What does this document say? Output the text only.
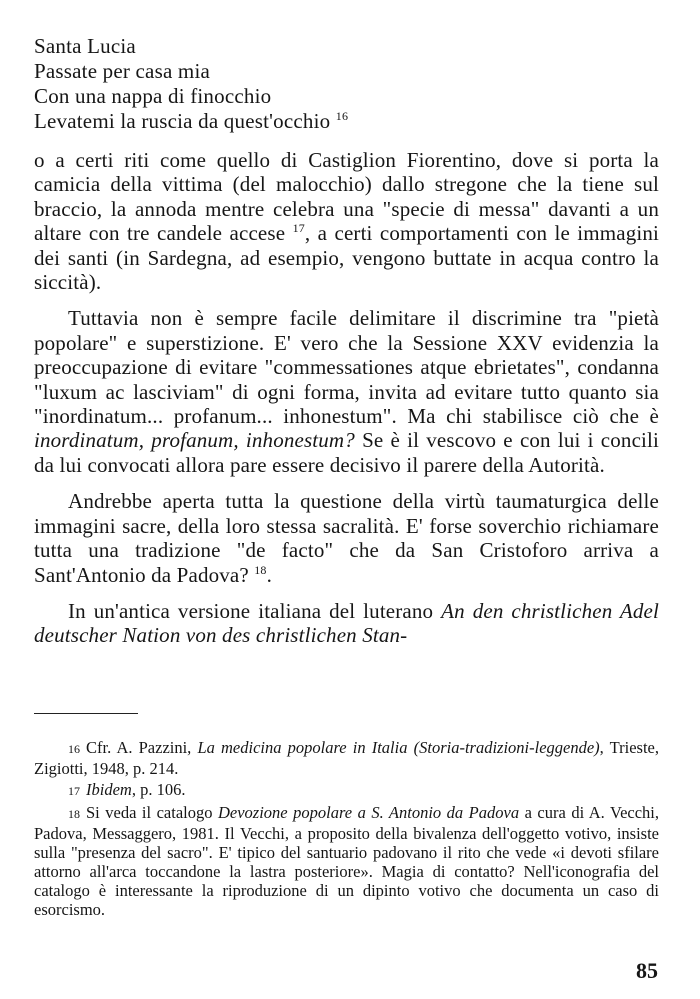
Santa Lucia
Passate per casa mia
Con una nappa di finocchio
Levatemi la ruscia da quest'occhio $^{16}$

o a certi riti come quello di Castiglion Fiorentino, dove si porta la camicia della vittima (del malocchio) dallo stregone che la tiene sul braccio, la annoda mentre celebra una "specie di messa" davanti a un altare con tre candele accese $^{17}$, a certi comportamenti con le immagini dei santi (in Sardegna, ad esempio, vengono buttate in acqua contro la siccità).

Tuttavia non è sempre facile delimitare il discrimine tra "pietà popolare" e superstizione. E' vero che la Sessione XXV evidenzia la preoccupazione di evitare "commessationes atque ebrietates", condanna "luxum ac lasciviam" di ogni forma, invita ad evitare tutto quanto sia "inordinatum... profanum... inhonestum". Ma chi stabilisce ciò che è inordinatum, profanum, inhonestum? Se è il vescovo e con lui i concili da lui convocati allora pare essere decisivo il parere della Autorità.

Andrebbe aperta tutta la questione della virtù taumaturgica delle immagini sacre, della loro stessa sacralità. E' forse soverchio richiamare tutta una tradizione "de facto" che da San Cristoforo arriva a Sant'Antonio da Padova? $^{18}$.

In un'antica versione italiana del luterano An den christlichen Adel deutscher Nation von des christlichen Stan-

16 Cfr. A. Pazzini, La medicina popolare in Italia (Storia-tradizioni-leggende), Trieste, Zigiotti, 1948, p. 214.

17 Ibidem, p. 106.

18 Si veda il catalogo Devozione popolare a S. Antonio da Padova a cura di A. Vecchi, Padova, Messaggero, 1981. Il Vecchi, a proposito della bivalenza dell'oggetto votivo, insiste sulla "presenza del sacro". E' tipico del santuario padovano il rito che vede «i devoti sfilare attorno all'arca toccandone la lastra posteriore». Magia di contatto? Nell'iconografia del catalogo è interessante la riproduzione di un dipinto votivo che documenta un caso di esorcismo.

85
